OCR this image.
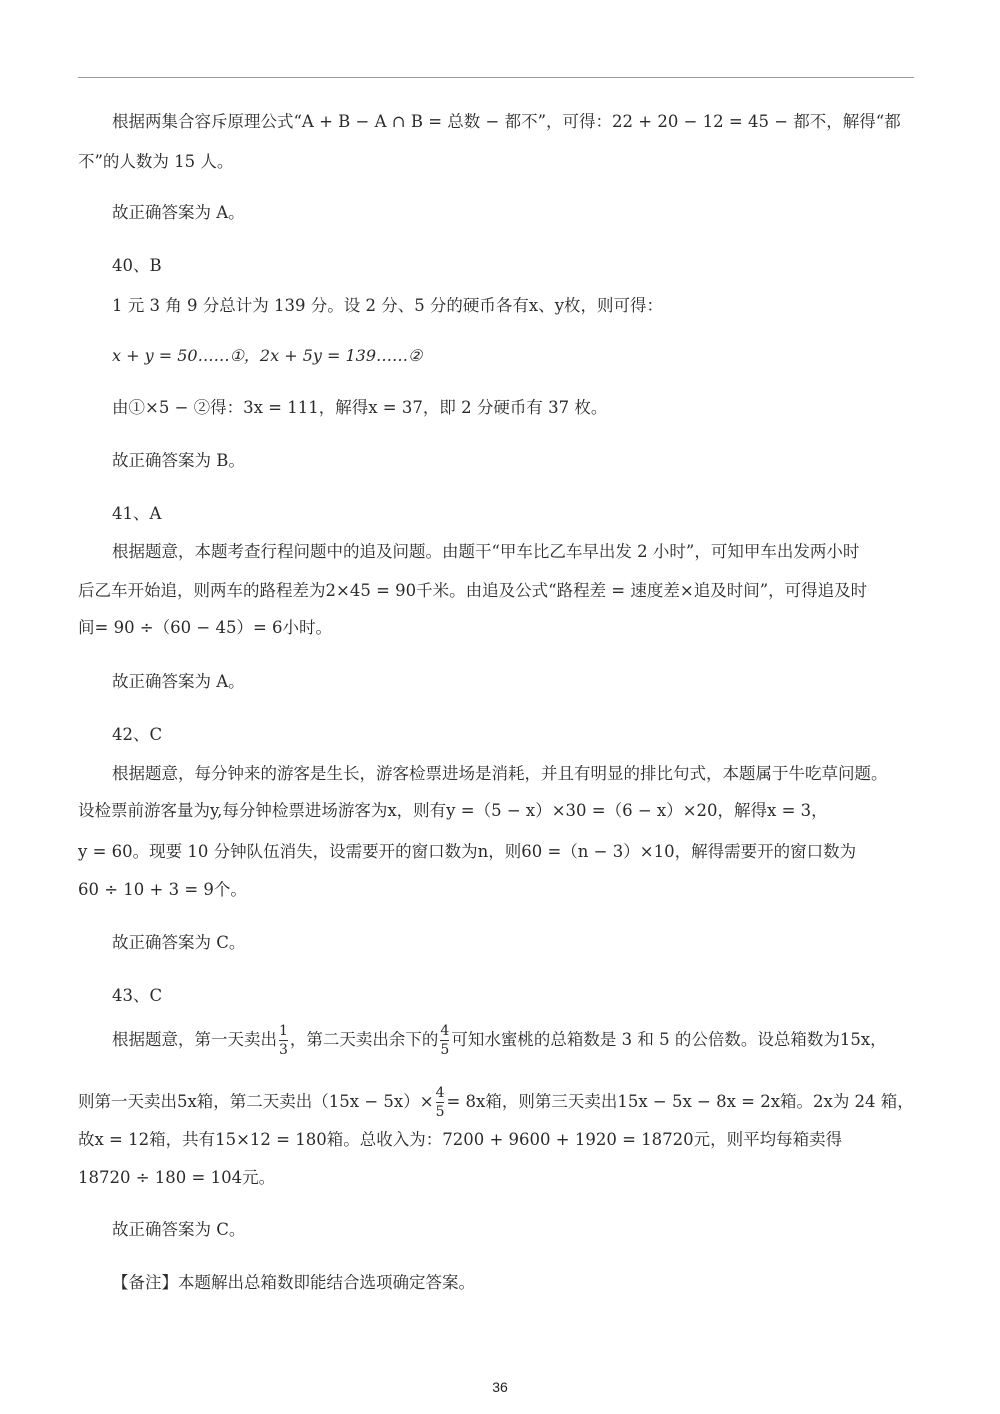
根据两集合容斥原理公式“A + B − A ∩ B = 总数 − 都不”，可得：22 + 20 − 12 = 45 − 都不，解得“都
不”的人数为 15 人。
故正确答案为 A。
40、B
1 元 3 角 9 分总计为 139 分。设 2 分、5 分的硬币各有x、y枚，则可得：
x + y = 50……①，2x + 5y = 139……②
由①×5 − ②得：3x = 111，解得x = 37，即 2 分硬币有 37 枚。
故正确答案为 B。
41、A
根据题意，本题考查行程问题中的追及问题。由题干“甲车比乙车早出发 2 小时”，可知甲车出发两小时
后乙车开始追，则两车的路程差为2×45 = 90千米。由追及公式“路程差 = 速度差×追及时间”，可得追及时
间= 90 ÷（60 − 45）= 6小时。
故正确答案为 A。
42、C
根据题意，每分钟来的游客是生长，游客检票进场是消耗，并且有明显的排比句式，本题属于牛吃草问题。
设检票前游客量为y,每分钟检票进场游客为x，则有y =（5 − x）×30 =（6 − x）×20，解得x = 3，
y = 60。现要 10 分钟队伍消失，设需要开的窗口数为n，则60 =（n − 3）×10，解得需要开的窗口数为
60 ÷ 10 + 3 = 9个。
故正确答案为 C。
43、C
根据题意，第一天卖出 $\frac{1}{3}$ ，第二天卖出余下的 $\frac{4}{5}$ 可知水蜜桃的总箱数是 3 和 5 的公倍数。设总箱数为15x，
则第一天卖出5x箱，第二天卖出$(15x - 5x)\times \frac{4}{5} = 8x$箱，则第三天卖出15x − 5x − 8x = 2x箱。2x为 24 箱，
故x = 12箱，共有15×12 = 180箱。总收入为：7200 + 9600 + 1920 = 18720元，则平均每箱卖得
18720 ÷ 180 = 104元。
故正确答案为 C。
【备注】本题解出总箱数即能结合选项确定答案。
36
